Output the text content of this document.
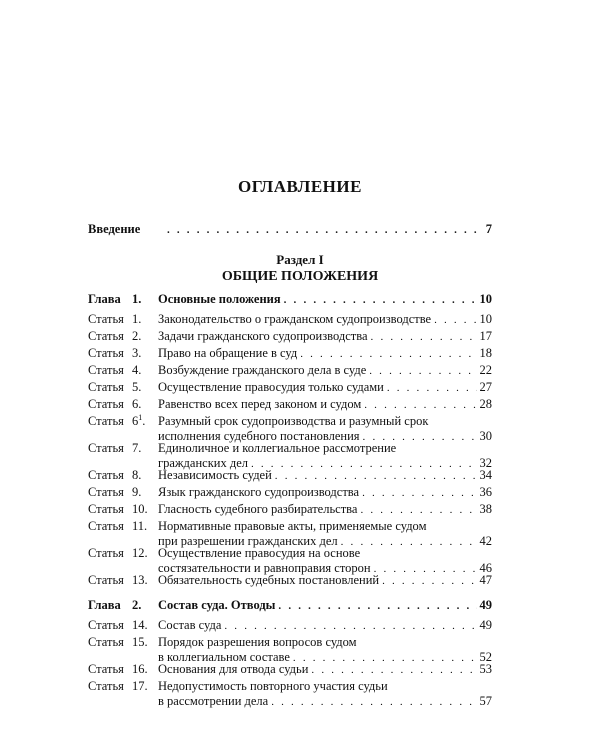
ОГЛАВЛЕНИЕ
Введение . . .	7
Раздел I
ОБЩИЕ ПОЛОЖЕНИЯ
Глава 1. Основные положения . . .	10
Статья 1. Законодательство о гражданском судопроизводстве . . .	10
Статья 2. Задачи гражданского судопроизводства . . .	17
Статья 3. Право на обращение в суд . . .	18
Статья 4. Возбуждение гражданского дела в суде . . .	22
Статья 5. Осуществление правосудия только судами . . .	27
Статья 6. Равенство всех перед законом и судом . . .	28
Статья $6^1$. Разумный срок судопроизводства и разумный срок
исполнения судебного постановления . . .	30
Статья 7. Единоличное и коллегиальное рассмотрение
гражданских дел . . .	32
Статья 8. Независимость судей . . .	34
Статья 9. Язык гражданского судопроизводства . . .	36
Статья 10. Гласность судебного разбирательства . . .	38
Статья 11. Нормативные правовые акты, применяемые судом
при разрешении гражданских дел . . .	42
Статья 12. Осуществление правосудия на основе
состязательности и равноправия сторон . . .	46
Статья 13. Обязательность судебных постановлений . . .	47
Глава 2. Состав суда. Отводы . . .	49
Статья 14. Состав суда . . .	49
Статья 15. Порядок разрешения вопросов судом
в коллегиальном составе . . .	52
Статья 16. Основания для отвода судьи . . .	53
Статья 17. Недопустимость повторного участия судьи
в рассмотрении дела . . .	57
